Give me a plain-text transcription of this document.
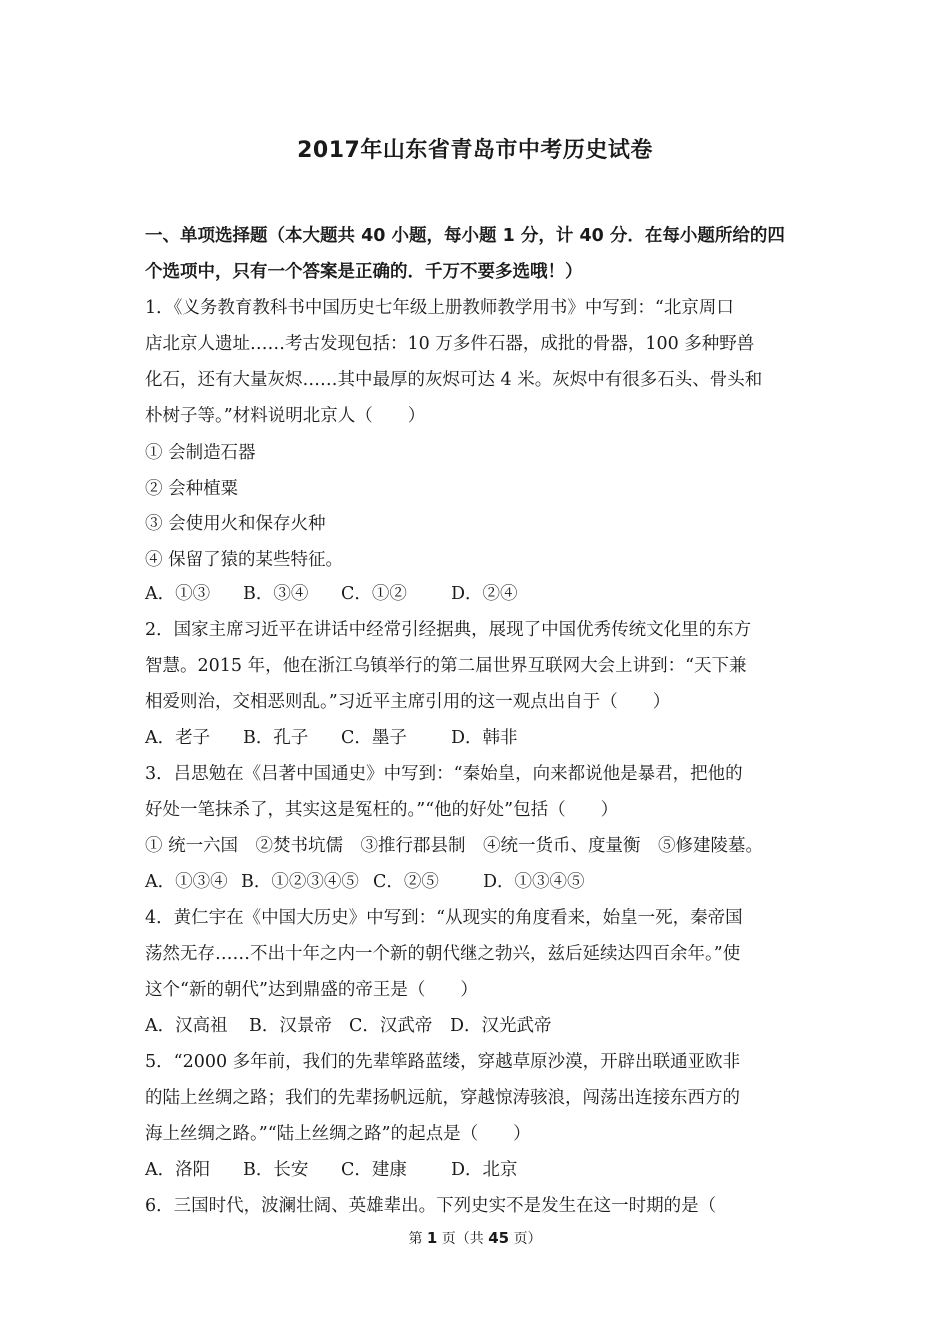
2017年山东省青岛市中考历史试卷
一、单项选择题（本大题共 40 小题，每小题 1 分，计 40 分．在每小题所给的四
个选项中，只有一个答案是正确的．千万不要多选哦！）
1．《义务教育教科书中国历史七年级上册教师教学用书》中写到：“北京周口
店北京人遗址……考古发现包括：10 万多件石器，成批的骨器，100 多种野兽
化石，还有大量灰烬……其中最厚的灰烬可达 4 米。灰烬中有很多石头、骨头和
朴树子等。”材料说明北京人（　　）
① 会制造石器
② 会种植粟
③ 会使用火和保存火种
④ 保留了猿的某些特征。
A．①③ B．③④ C．①②	D．②④
2．国家主席习近平在讲话中经常引经据典，展现了中国优秀传统文化里的东方
智慧。2015 年，他在浙江乌镇举行的第二届世界互联网大会上讲到：“天下兼
相爱则治，交相恶则乱。”习近平主席引用的这一观点出自于（　　）
A．老子 B．孔子 C．墨子	D．韩非
3．吕思勉在《吕著中国通史》中写到：“秦始皇，向来都说他是暴君，把他的
好处一笔抹杀了，其实这是冤枉的。”“他的好处”包括（　　）
① 统一六国　②焚书坑儒　③推行郡县制　④统一货币、度量衡　⑤修建陵墓。
A．①③④ B．①②③④⑤ C．②⑤	D．①③④⑤
4．黄仁宇在《中国大历史》中写到：“从现实的角度看来，始皇一死，秦帝国
荡然无存……不出十年之内一个新的朝代继之勃兴，兹后延续达四百余年。”使
这个“新的朝代”达到鼎盛的帝王是（　　）
A．汉高祖 B．汉景帝 C．汉武帝 D．汉光武帝
5．“2000 多年前，我们的先辈筚路蓝缕，穿越草原沙漠，开辟出联通亚欧非
的陆上丝绸之路；我们的先辈扬帆远航，穿越惊涛骇浪，闯荡出连接东西方的
海上丝绸之路。”“陆上丝绸之路”的起点是（　　）
A．洛阳 B．长安 C．建康	D．北京
6．三国时代，波澜壮阔、英雄辈出。下列史实不是发生在这一时期的是（
第 1 页（共 45 页）
